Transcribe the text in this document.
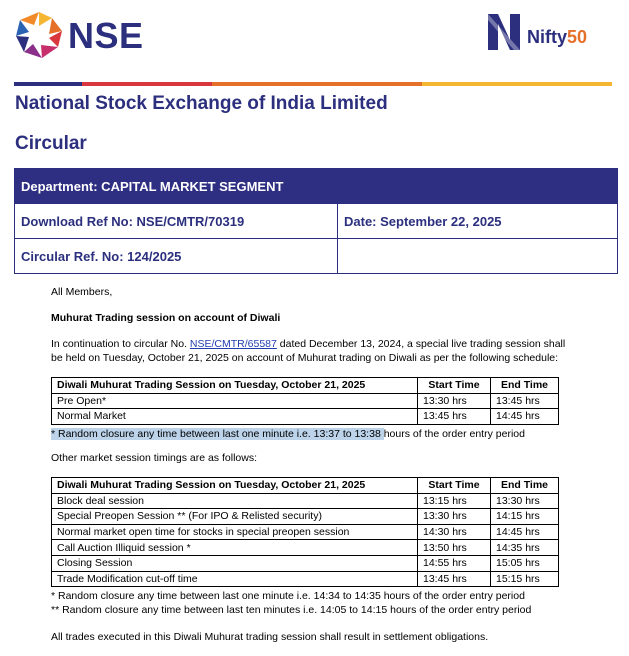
NSE	Nifty50
National Stock Exchange of India Limited
Circular
Department: CAPITAL MARKET SEGMENT	
Download Ref No: NSE/CMTR/70319	Date: September 22, 2025
Circular Ref. No: 124/2025	
All Members,
Muhurat Trading session on account of Diwali
In continuation to circular No. NSE/CMTR/65587 dated December 13, 2024, a special live trading session shall
be held on Tuesday, October 21, 2025 on account of Muhurat trading on Diwali as per the following schedule:
Diwali Muhurat Trading Session on Tuesday, October 21, 2025	Start Time	End Time
Pre Open*	13:30 hrs	13:45 hrs
Normal Market	13:45 hrs	14:45 hrs
* Random closure any time between last one minute i.e. 13:37 to 13:38 hours of the order entry period
Other market session timings are as follows:
Diwali Muhurat Trading Session on Tuesday, October 21, 2025	Start Time	End Time
Block deal session	13:15 hrs	13:30 hrs
Special Preopen Session ** (For IPO & Relisted security)	13:30 hrs	14:15 hrs
Normal market open time for stocks in special preopen session	14:30 hrs	14:45 hrs
Call Auction Illiquid session *	13:50 hrs	14:35 hrs
Closing Session	14:55 hrs	15:05 hrs
Trade Modification cut-off time	13:45 hrs	15:15 hrs
* Random closure any time between last one minute i.e. 14:34 to 14:35 hours of the order entry period
** Random closure any time between last ten minutes i.e. 14:05 to 14:15 hours of the order entry period
All trades executed in this Diwali Muhurat trading session shall result in settlement obligations.
